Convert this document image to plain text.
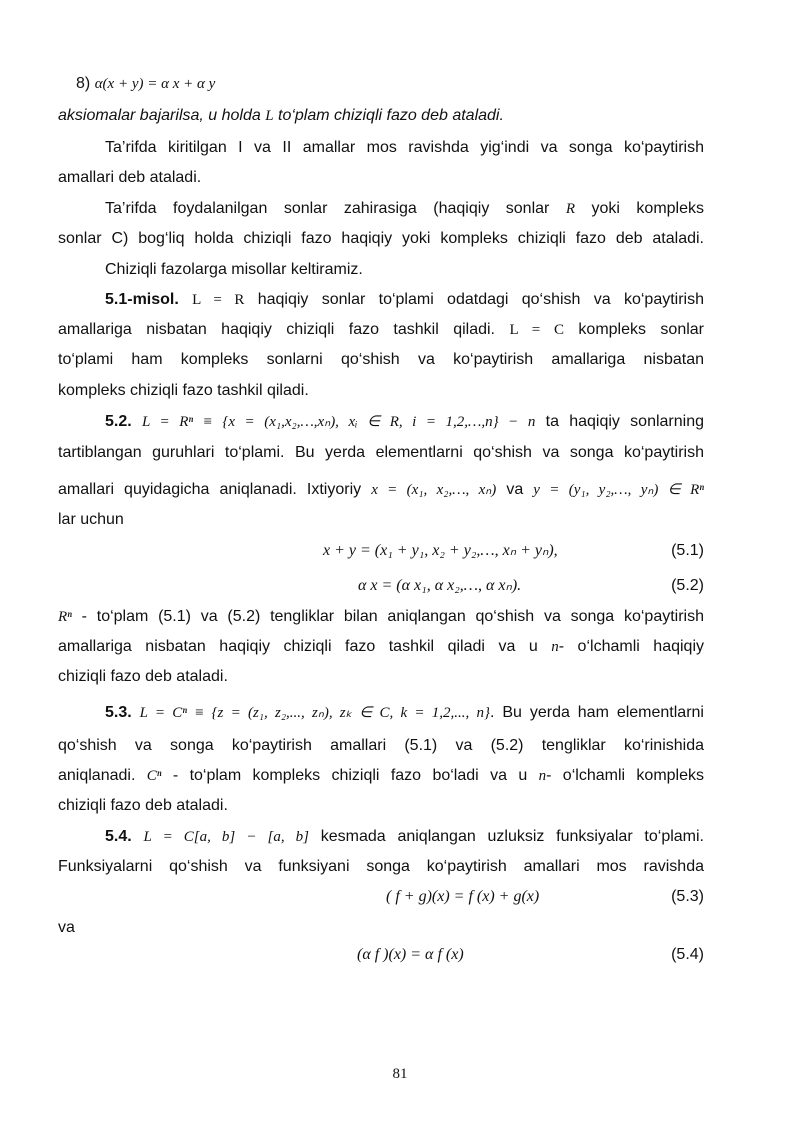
8) α(x + y) = α x + α y
aksiomalar bajarilsa, u holda L to‘plam chiziqli fazo deb ataladi.
Ta’rifda kiritilgan I va II amallar mos ravishda yig‘indi va songa ko‘paytirish
amallari deb ataladi.
Ta’rifda foydalanilgan sonlar zahirasiga (haqiqiy sonlar R yoki kompleks
sonlar C) bog‘liq holda chiziqli fazo haqiqiy yoki kompleks chiziqli fazo deb ataladi.
Chiziqli fazolarga misollar keltiramiz.
5.1-misol. L = R haqiqiy sonlar to‘plami odatdagi qo‘shish va ko‘paytirish
amallariga nisbatan haqiqiy chiziqli fazo tashkil qiladi. L = C kompleks sonlar
to‘plami ham kompleks sonlarni qo‘shish va ko‘paytirish amallariga nisbatan
kompleks chiziqli fazo tashkil qiladi.
5.2. L = Rⁿ ≡ {x = (x₁,x₂,…,xₙ), xᵢ ∈ R, i = 1,2,…,n} − n ta haqiqiy sonlarning
tartiblangan guruhlari to‘plami. Bu yerda elementlarni qo‘shish va songa ko‘paytirish
amallari quyidagicha aniqlanadi. Ixtiyoriy x = (x₁, x₂,…, xₙ) va y = (y₁, y₂,…, yₙ) ∈ Rⁿ
lar uchun
x + y = (x₁ + y₁, x₂ + y₂,…, xₙ + yₙ),	(5.1)
α x = (α x₁, α x₂,…, α xₙ).	(5.2)
Rⁿ - to‘plam (5.1) va (5.2) tengliklar bilan aniqlangan qo‘shish va songa ko‘paytirish
amallariga nisbatan haqiqiy chiziqli fazo tashkil qiladi va u n- o‘lchamli haqiqiy
chiziqli fazo deb ataladi.
5.3. L = Cⁿ ≡ {z = (z₁, z₂,..., zₙ), zₖ ∈ C, k = 1,2,..., n}. Bu yerda ham elementlarni
qo‘shish va songa ko‘paytirish amallari (5.1) va (5.2) tengliklar ko‘rinishida
aniqlanadi. Cⁿ - to‘plam kompleks chiziqli fazo bo‘ladi va u n- o‘lchamli kompleks
chiziqli fazo deb ataladi.
5.4. L = C[a, b] − [a, b] kesmada aniqlangan uzluksiz funksiyalar to‘plami.
Funksiyalarni qo‘shish va funksiyani songa ko‘paytirish amallari mos ravishda
( f + g)(x) = f (x) + g(x)	(5.3)
va
(α f )(x) = α f (x)	(5.4)
81
